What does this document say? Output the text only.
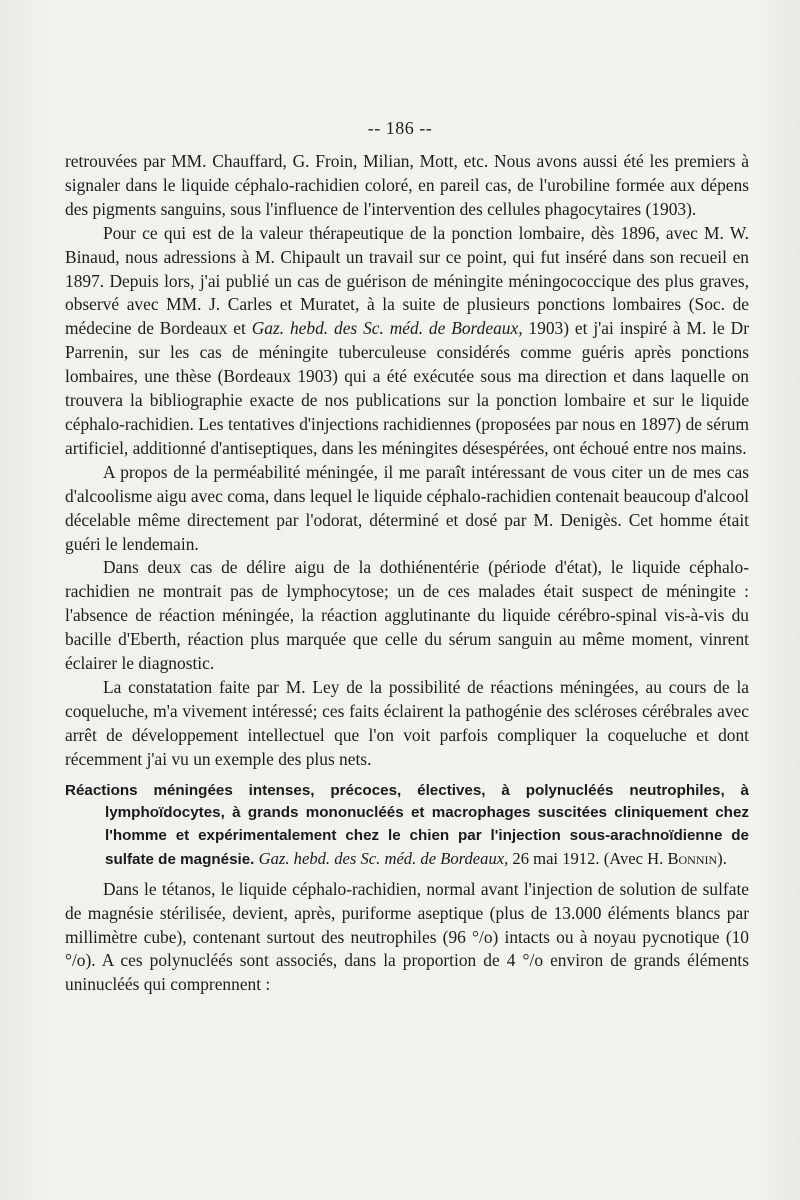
-- 186 --

retrouvées par MM. Chauffard, G. Froin, Milian, Mott, etc. Nous avons aussi été les premiers à signaler dans le liquide céphalo-rachidien coloré, en pareil cas, de l'urobiline formée aux dépens des pigments sanguins, sous l'influence de l'intervention des cellules phagocytaires (1903).

Pour ce qui est de la valeur thérapeutique de la ponction lombaire, dès 1896, avec M. W. Binaud, nous adressions à M. Chipault un travail sur ce point, qui fut inséré dans son recueil en 1897. Depuis lors, j'ai publié un cas de guérison de méningite méningococcique des plus graves, observé avec MM. J. Carles et Muratet, à la suite de plusieurs ponctions lombaires (Soc. de médecine de Bordeaux et Gaz. hebd. des Sc. méd. de Bordeaux, 1903) et j'ai inspiré à M. le Dr Parrenin, sur les cas de méningite tuberculeuse considérés comme guéris après ponctions lombaires, une thèse (Bordeaux 1903) qui a été exécutée sous ma direction et dans laquelle on trouvera la bibliographie exacte de nos publications sur la ponction lombaire et sur le liquide céphalo-rachidien. Les tentatives d'injections rachidiennes (proposées par nous en 1897) de sérum artificiel, additionné d'antiseptiques, dans les méningites désespérées, ont échoué entre nos mains.

A propos de la perméabilité méningée, il me paraît intéressant de vous citer un de mes cas d'alcoolisme aigu avec coma, dans lequel le liquide céphalo-rachidien contenait beaucoup d'alcool décelable même directement par l'odorat, déterminé et dosé par M. Denigès. Cet homme était guéri le lendemain.

Dans deux cas de délire aigu de la dothiénentérie (période d'état), le liquide céphalo-rachidien ne montrait pas de lymphocytose; un de ces malades était suspect de méningite : l'absence de réaction méningée, la réaction agglutinante du liquide cérébro-spinal vis-à-vis du bacille d'Eberth, réaction plus marquée que celle du sérum sanguin au même moment, vinrent éclairer le diagnostic.

La constatation faite par M. Ley de la possibilité de réactions méningées, au cours de la coqueluche, m'a vivement intéressé; ces faits éclairent la pathogénie des scléroses cérébrales avec arrêt de développement intellectuel que l'on voit parfois compliquer la coqueluche et dont récemment j'ai vu un exemple des plus nets.

Réactions méningées intenses, précoces, électives, à polynucléés neutrophiles, à lymphoïdocytes, à grands mononucléés et macrophages suscitées cliniquement chez l'homme et expérimentalement chez le chien par l'injection sous-arachnoïdienne de sulfate de magnésie. Gaz. hebd. des Sc. méd. de Bordeaux, 26 mai 1912. (Avec H. Bonnin).

Dans le tétanos, le liquide céphalo-rachidien, normal avant l'injection de solution de sulfate de magnésie stérilisée, devient, après, puriforme aseptique (plus de 13.000 éléments blancs par millimètre cube), contenant surtout des neutrophiles (96 °/o) intacts ou à noyau pycnotique (10 °/o). A ces polynucléés sont associés, dans la proportion de 4 °/o environ de grands éléments uninucléés qui comprennent :
